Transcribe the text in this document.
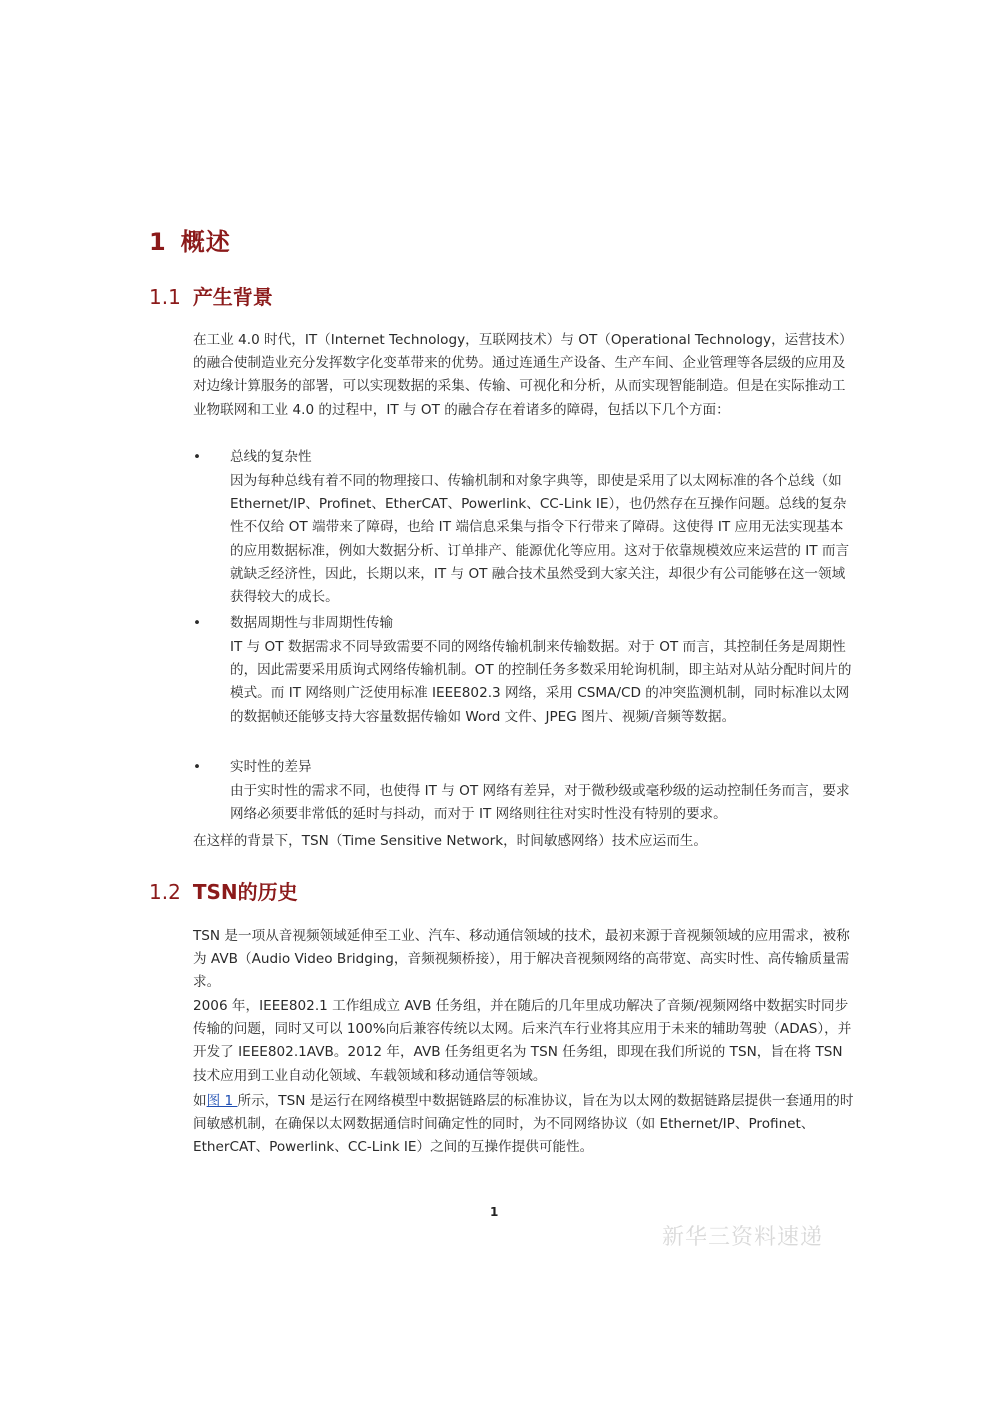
1 概述
1.1 产生背景

在工业 4.0 时代，IT（Internet Technology，互联网技术）与 OT（Operational Technology，运营技术）的融合使制造业充分发挥数字化变革带来的优势。通过连通生产设备、生产车间、企业管理等各层级的应用及对边缘计算服务的部署，可以实现数据的采集、传输、可视化和分析，从而实现智能制造。但是在实际推动工业物联网和工业 4.0 的过程中，IT 与 OT 的融合存在着诸多的障碍，包括以下几个方面：

• 总线的复杂性

因为每种总线有着不同的物理接口、传输机制和对象字典等，即使是采用了以太网标准的各个总线（如 Ethernet/IP、Profinet、EtherCAT、Powerlink、CC-Link IE），也仍然存在互操作问题。总线的复杂性不仅给 OT 端带来了障碍，也给 IT 端信息采集与指令下行带来了障碍。这使得 IT 应用无法实现基本的应用数据标准，例如大数据分析、订单排产、能源优化等应用。这对于依靠规模效应来运营的 IT 而言就缺乏经济性，因此，长期以来，IT 与 OT 融合技术虽然受到大家关注，却很少有公司能够在这一领域获得较大的成长。

• 数据周期性与非周期性传输

IT 与 OT 数据需求不同导致需要不同的网络传输机制来传输数据。对于 OT 而言，其控制任务是周期性的，因此需要采用质询式网络传输机制。OT 的控制任务多数采用轮询机制，即主站对从站分配时间片的模式。而 IT 网络则广泛使用标准 IEEE802.3 网络，采用 CSMA/CD 的冲突监测机制，同时标准以太网的数据帧还能够支持大容量数据传输如 Word 文件、JPEG 图片、视频/音频等数据。

• 实时性的差异

由于实时性的需求不同，也使得 IT 与 OT 网络有差异，对于微秒级或毫秒级的运动控制任务而言，要求网络必须要非常低的延时与抖动，而对于 IT 网络则往往对实时性没有特别的要求。

在这样的背景下，TSN（Time Sensitive Network，时间敏感网络）技术应运而生。

1.2 TSN的历史

TSN 是一项从音视频领域延伸至工业、汽车、移动通信领域的技术，最初来源于音视频领域的应用需求，被称为 AVB（Audio Video Bridging，音频视频桥接），用于解决音视频网络的高带宽、高实时性、高传输质量需求。

2006 年，IEEE802.1 工作组成立 AVB 任务组，并在随后的几年里成功解决了音频/视频网络中数据实时同步传输的问题，同时又可以 100%向后兼容传统以太网。后来汽车行业将其应用于未来的辅助驾驶（ADAS），并开发了 IEEE802.1AVB。2012 年，AVB 任务组更名为 TSN 任务组，即现在我们所说的 TSN，旨在将 TSN 技术应用到工业自动化领域、车载领域和移动通信等领域。

如图 1 所示，TSN 是运行在网络模型中数据链路层的标准协议，旨在为以太网的数据链路层提供一套通用的时间敏感机制，在确保以太网数据通信时间确定性的同时，为不同网络协议（如 Ethernet/IP、Profinet、EtherCAT、Powerlink、CC-Link IE）之间的互操作提供可能性。

1
新华三资料速递
